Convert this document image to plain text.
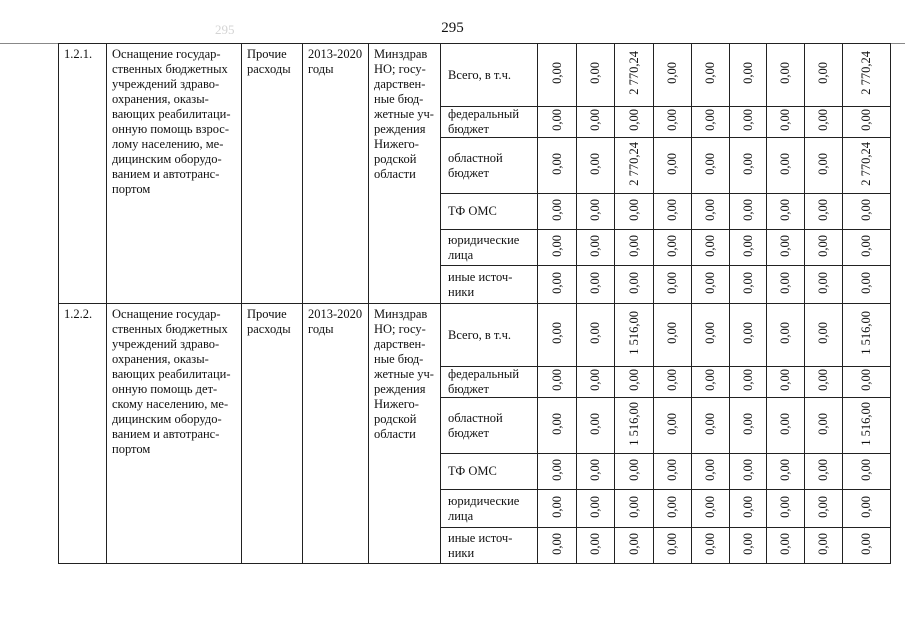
295	295
1.2.1.	Оснащение государ-ственных бюджетных учреждений здраво-охранения, оказы-вающих реабилитаци-онную помощь взрос-лому населению, ме-дицинским оборудо-ванием и автотранс-портом	Прочие расходы	2013-2020 годы	Минздрав НО; госу-дарствен-ные бюд-жетные уч-реждения Нижего-родской области	Всего, в т.ч.	0,00	0,00	2 770,24	0,00	0,00	0,00	0,00	0,00	2 770,24
					федеральный бюджет	0,00	0,00	0,00	0,00	0,00	0,00	0,00	0,00	0,00
					областной бюджет	0,00	0,00	2 770,24	0,00	0,00	0,00	0,00	0,00	2 770,24
					ТФ ОМС	0,00	0,00	0,00	0,00	0,00	0,00	0,00	0,00	0,00
					юридические лица	0,00	0,00	0,00	0,00	0,00	0,00	0,00	0,00	0,00
					иные источ-ники	0,00	0,00	0,00	0,00	0,00	0,00	0,00	0,00	0,00
1.2.2.	Оснащение государ-ственных бюджетных учреждений здраво-охранения, оказы-вающих реабилитаци-онную помощь дет-скому населению, ме-дицинским оборудо-ванием и автотранс-портом	Прочие расходы	2013-2020 годы	Минздрав НО; госу-дарствен-ные бюд-жетные уч-реждения Нижего-родской области	Всего, в т.ч.	0,00	0,00	1 516,00	0,00	0,00	0,00	0,00	0,00	1 516,00
					федеральный бюджет	0,00	0,00	0,00	0,00	0,00	0,00	0,00	0,00	0,00
					областной бюджет	0,00	0,00	1 516,00	0,00	0,00	0,00	0,00	0,00	1 516,00
					ТФ ОМС	0,00	0,00	0,00	0,00	0,00	0,00	0,00	0,00	0,00
					юридические лица	0,00	0,00	0,00	0,00	0,00	0,00	0,00	0,00	0,00
					иные источ-ники	0,00	0,00	0,00	0,00	0,00	0,00	0,00	0,00	0,00
